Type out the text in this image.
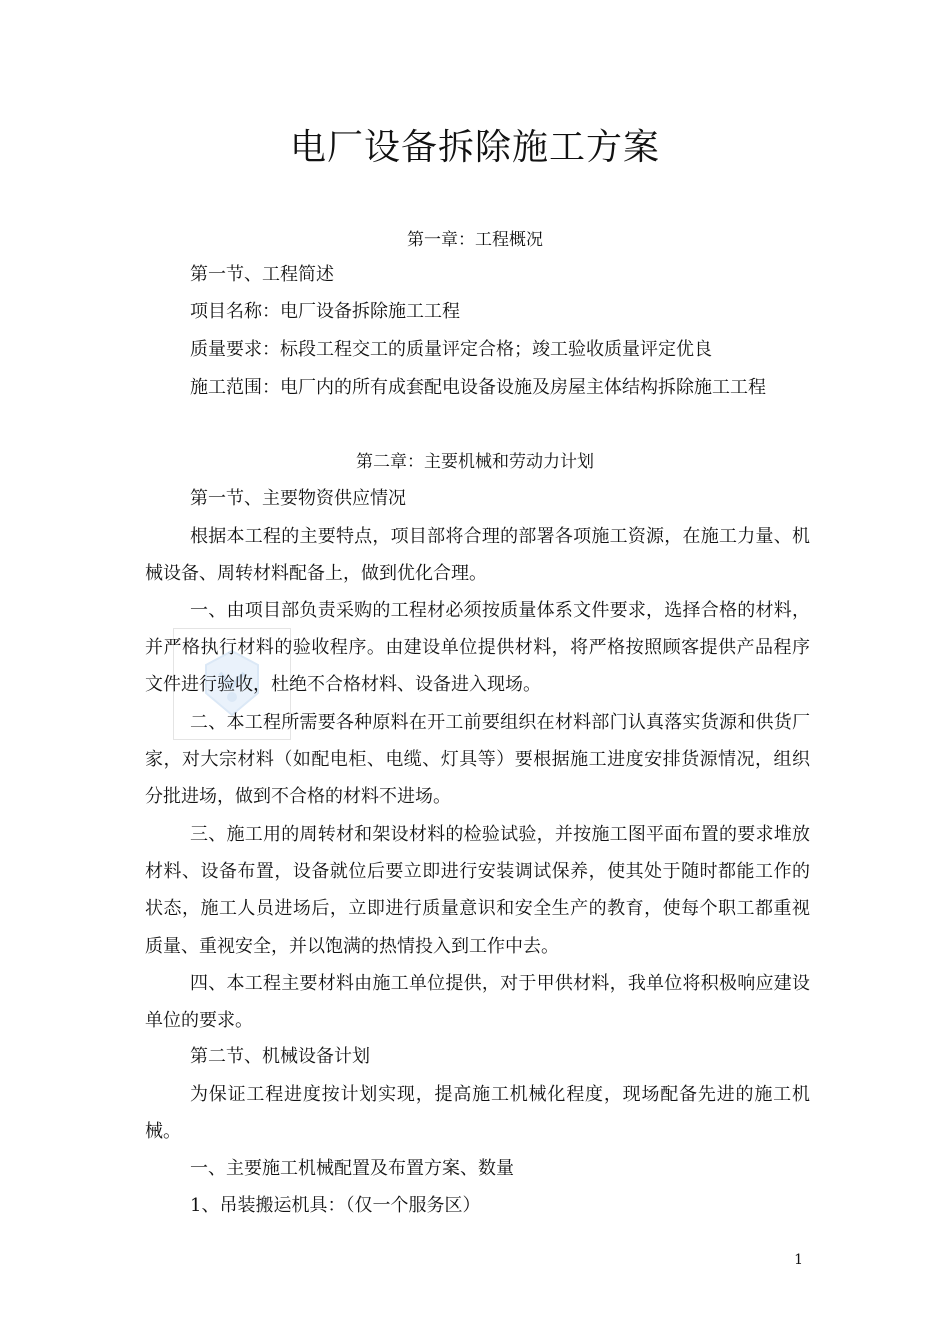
电厂设备拆除施工方案

第一章：工程概况

第一节、工程简述

项目名称：电厂设备拆除施工工程

质量要求：标段工程交工的质量评定合格；竣工验收质量评定优良

施工范围：电厂内的所有成套配电设备设施及房屋主体结构拆除施工工程

第二章：主要机械和劳动力计划

第一节、主要物资供应情况

根据本工程的主要特点，项目部将合理的部署各项施工资源，在施工力量、机械设备、周转材料配备上，做到优化合理。

一、由项目部负责采购的工程材必须按质量体系文件要求，选择合格的材料，并严格执行材料的验收程序。由建设单位提供材料，将严格按照顾客提供产品程序文件进行验收，杜绝不合格材料、设备进入现场。

二、本工程所需要各种原料在开工前要组织在材料部门认真落实货源和供货厂家，对大宗材料（如配电柜、电缆、灯具等）要根据施工进度安排货源情况，组织分批进场，做到不合格的材料不进场。

三、施工用的周转材和架设材料的检验试验，并按施工图平面布置的要求堆放材料、设备布置，设备就位后要立即进行安装调试保养，使其处于随时都能工作的状态，施工人员进场后，立即进行质量意识和安全生产的教育，使每个职工都重视质量、重视安全，并以饱满的热情投入到工作中去。

四、本工程主要材料由施工单位提供，对于甲供材料，我单位将积极响应建设单位的要求。

第二节、机械设备计划

为保证工程进度按计划实现，提高施工机械化程度，现场配备先进的施工机械。

一、主要施工机械配置及布置方案、数量

1、吊装搬运机具：（仅一个服务区）

1
